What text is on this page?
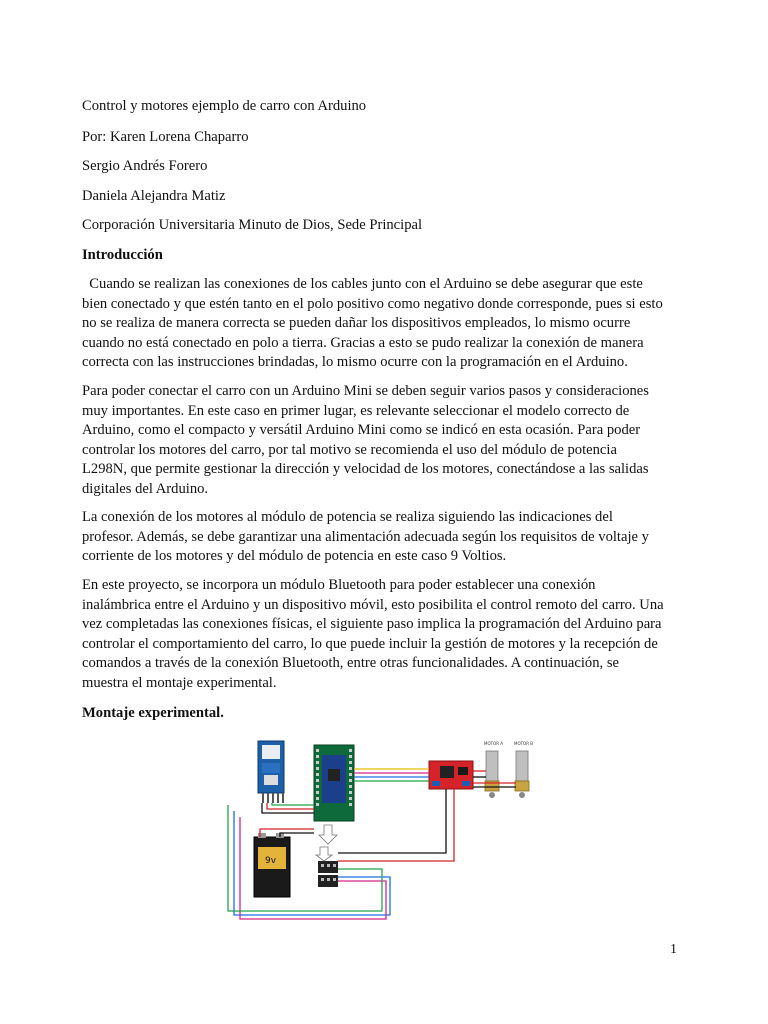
Control y motores ejemplo de carro con Arduino
Por: Karen Lorena Chaparro
Sergio Andrés Forero
Daniela Alejandra Matiz
Corporación Universitaria Minuto de Dios, Sede Principal
Introducción
Cuando se realizan las conexiones de los cables junto con el Arduino se debe asegurar que este
bien conectado y que estén tanto en el polo positivo como negativo donde corresponde, pues si esto
no se realiza de manera correcta se pueden dañar los dispositivos empleados, lo mismo ocurre
cuando no está conectado en polo a tierra. Gracias a esto se pudo realizar la conexión de manera
correcta con las instrucciones brindadas, lo mismo ocurre con la programación en el Arduino.
Para poder conectar el carro con un Arduino Mini se deben seguir varios pasos y consideraciones
muy importantes. En este caso en primer lugar, es relevante seleccionar el modelo correcto de
Arduino, como el compacto y versátil Arduino Mini como se indicó en esta ocasión. Para poder
controlar los motores del carro, por tal motivo se recomienda el uso del módulo de potencia
L298N, que permite gestionar la dirección y velocidad de los motores, conectándose a las salidas
digitales del Arduino.
La conexión de los motores al módulo de potencia se realiza siguiendo las indicaciones del
profesor. Además, se debe garantizar una alimentación adecuada según los requisitos de voltaje y
corriente de los motores y del módulo de potencia en este caso 9 Voltios.
En este proyecto, se incorpora un módulo Bluetooth para poder establecer una conexión
inalámbrica entre el Arduino y un dispositivo móvil, esto posibilita el control remoto del carro. Una
vez completadas las conexiones físicas, el siguiente paso implica la programación del Arduino para
controlar el comportamiento del carro, lo que puede incluir la gestión de motores y la recepción de
comandos a través de la conexión Bluetooth, entre otras funcionalidades. A continuación, se
muestra el montaje experimental.
Montaje experimental.
MOTOR A	MOTOR B
9v
1
